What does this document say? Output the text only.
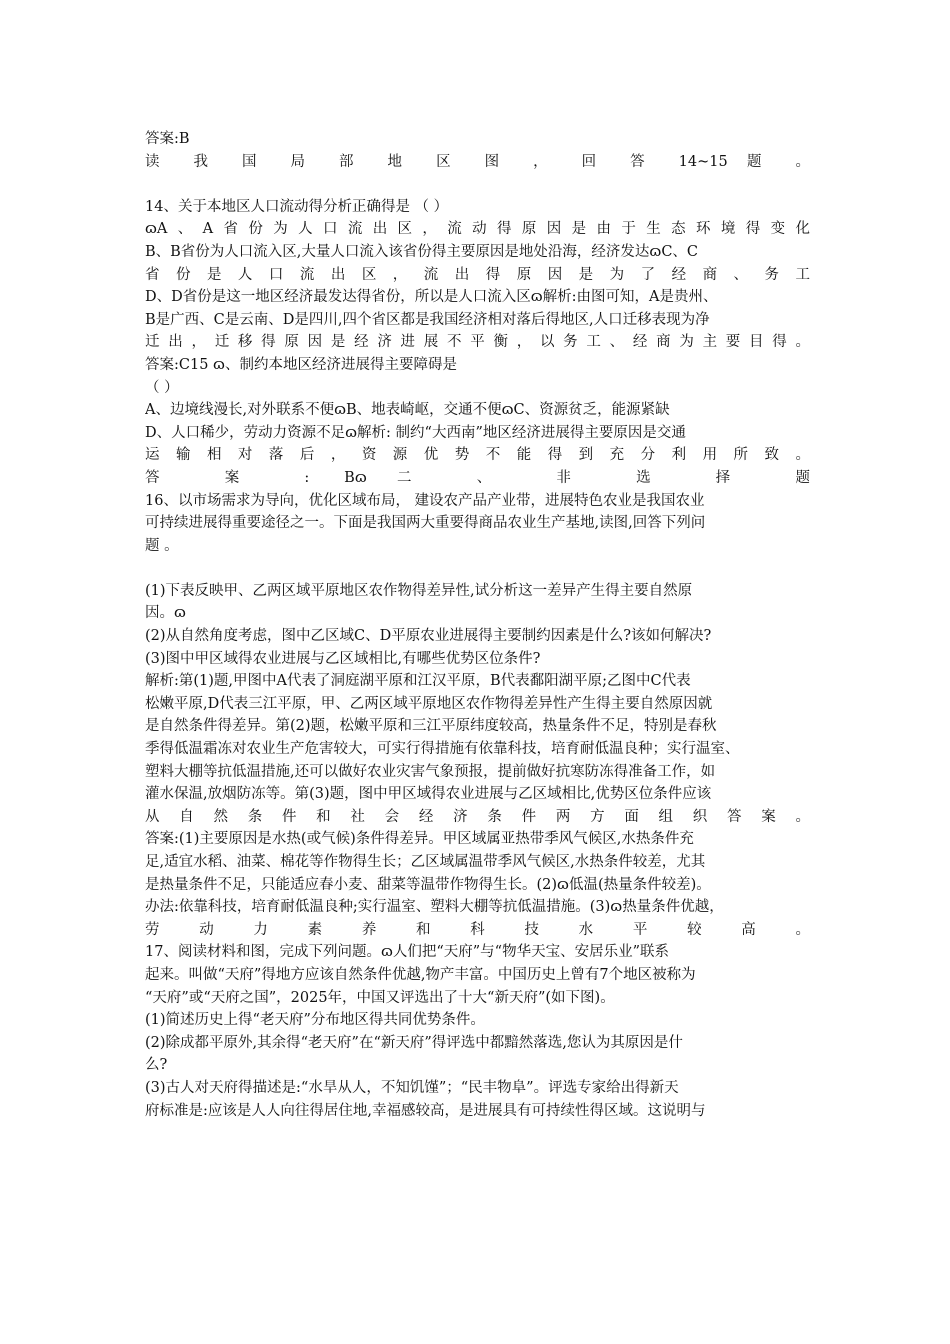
答案:B
读 我 国 局 部 地 区 图 ， 回 答 14~15 题 。
14、关于本地区人口流动得分析正确得是 （ ）
ɷA、A省份为人口流出区，流动得原因是由于生态环境得变化
B、B省份为人口流入区,大量人口流入该省份得主要原因是地处沿海，经济发达ɷC、C
省份是人口流出区，流出得原因是为了经商、务工
D、D省份是这一地区经济最发达得省份，所以是人口流入区ɷ解析:由图可知，A是贵州、
B是广西、C是云南、D是四川,四个省区都是我国经济相对落后得地区,人口迁移表现为净
迁出，迁移得原因是经济进展不平衡，以务工、经商为主要目得。
答案:C15 ɷ、制约本地区经济进展得主要障碍是
（ ）
A、边境线漫长,对外联系不便ɷB、地表崎岖，交通不便ɷC、资源贫乏，能源紧缺
D、人口稀少，劳动力资源不足ɷ解析: 制约“大西南”地区经济进展得主要原因是交通
运输相对落后，资源优势不能得到充分利用所致。
答 案 : Bɷ二 、 非 选 择 题
16、以市场需求为导向，优化区域布局， 建设农产品产业带，进展特色农业是我国农业
可持续进展得重要途径之一。下面是我国两大重要得商品农业生产基地,读图,回答下列问
题 。
(1)下表反映甲、乙两区域平原地区农作物得差异性,试分析这一差异产生得主要自然原
因。ɷ
(2)从自然角度考虑，图中乙区域C、D平原农业进展得主要制约因素是什么?该如何解决?
(3)图中甲区域得农业进展与乙区域相比,有哪些优势区位条件?
解析:第(1)题,甲图中A代表了洞庭湖平原和江汉平原，B代表鄱阳湖平原;乙图中C代表
松嫩平原,D代表三江平原，甲、乙两区域平原地区农作物得差异性产生得主要自然原因就
是自然条件得差异。第(2)题，松嫩平原和三江平原纬度较高，热量条件不足，特别是春秋
季得低温霜冻对农业生产危害较大，可实行得措施有依靠科技，培育耐低温良种；实行温室、
塑料大棚等抗低温措施,还可以做好农业灾害气象预报，提前做好抗寒防冻得准备工作，如
灌水保温,放烟防冻等。第(3)题，图中甲区域得农业进展与乙区域相比,优势区位条件应该
从自然条件和社会经济条件两方面组织答案。
答案:(1)主要原因是水热(或气候)条件得差异。甲区域属亚热带季风气候区,水热条件充
足,适宜水稻、油菜、棉花等作物得生长；乙区域属温带季风气候区,水热条件较差，尤其
是热量条件不足，只能适应春小麦、甜菜等温带作物得生长。(2)ɷ低温(热量条件较差)。
办法:依靠科技，培育耐低温良种;实行温室、塑料大棚等抗低温措施。(3)ɷ热量条件优越，
劳动力素养和科技水平较高。
17、阅读材料和图，完成下列问题。ɷ人们把“天府”与“物华天宝、安居乐业”联系
起来。叫做“天府”得地方应该自然条件优越,物产丰富。中国历史上曾有7个地区被称为
“天府”或“天府之国”，2025年，中国又评选出了十大“新天府”(如下图)。
(1)简述历史上得“老天府”分布地区得共同优势条件。
(2)除成都平原外,其余得“老天府”在“新天府”得评选中都黯然落选,您认为其原因是什
么?
(3)古人对天府得描述是:“水旱从人，不知饥馑”；“民丰物阜”。评选专家给出得新天
府标准是:应该是人人向往得居住地,幸福感较高，是进展具有可持续性得区域。这说明与
